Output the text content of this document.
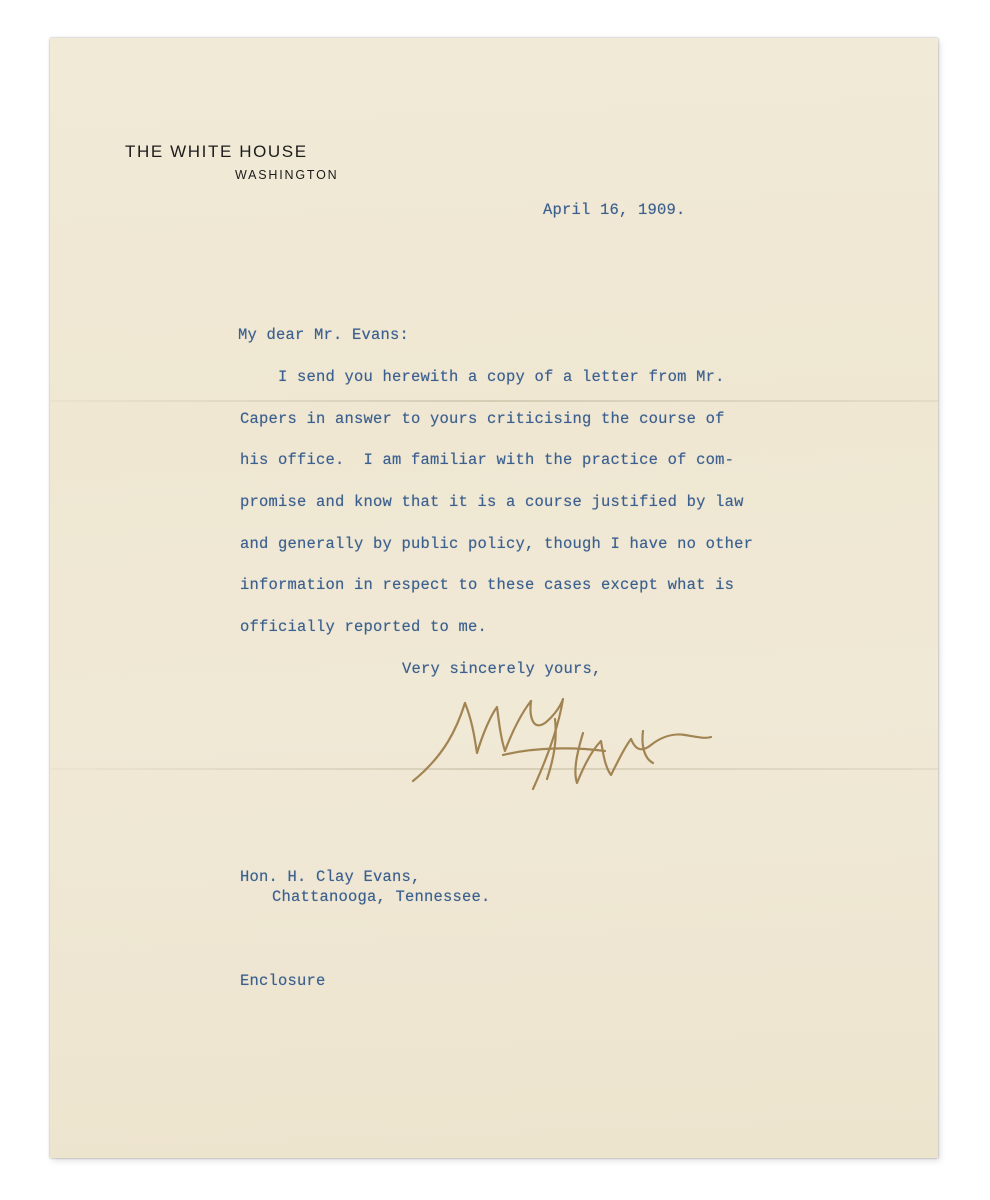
THE WHITE HOUSE
WASHINGTON
April 16, 1909.
My dear Mr. Evans:
I send you herewith a copy of a letter from Mr.
Capers in answer to yours criticising the course of
his office.  I am familiar with the practice of com-
promise and know that it is a course justified by law
and generally by public policy, though I have no other
information in respect to these cases except what is
officially reported to me.
Very sincerely yours,
Hon. H. Clay Evans,
Chattanooga, Tennessee.
Enclosure
